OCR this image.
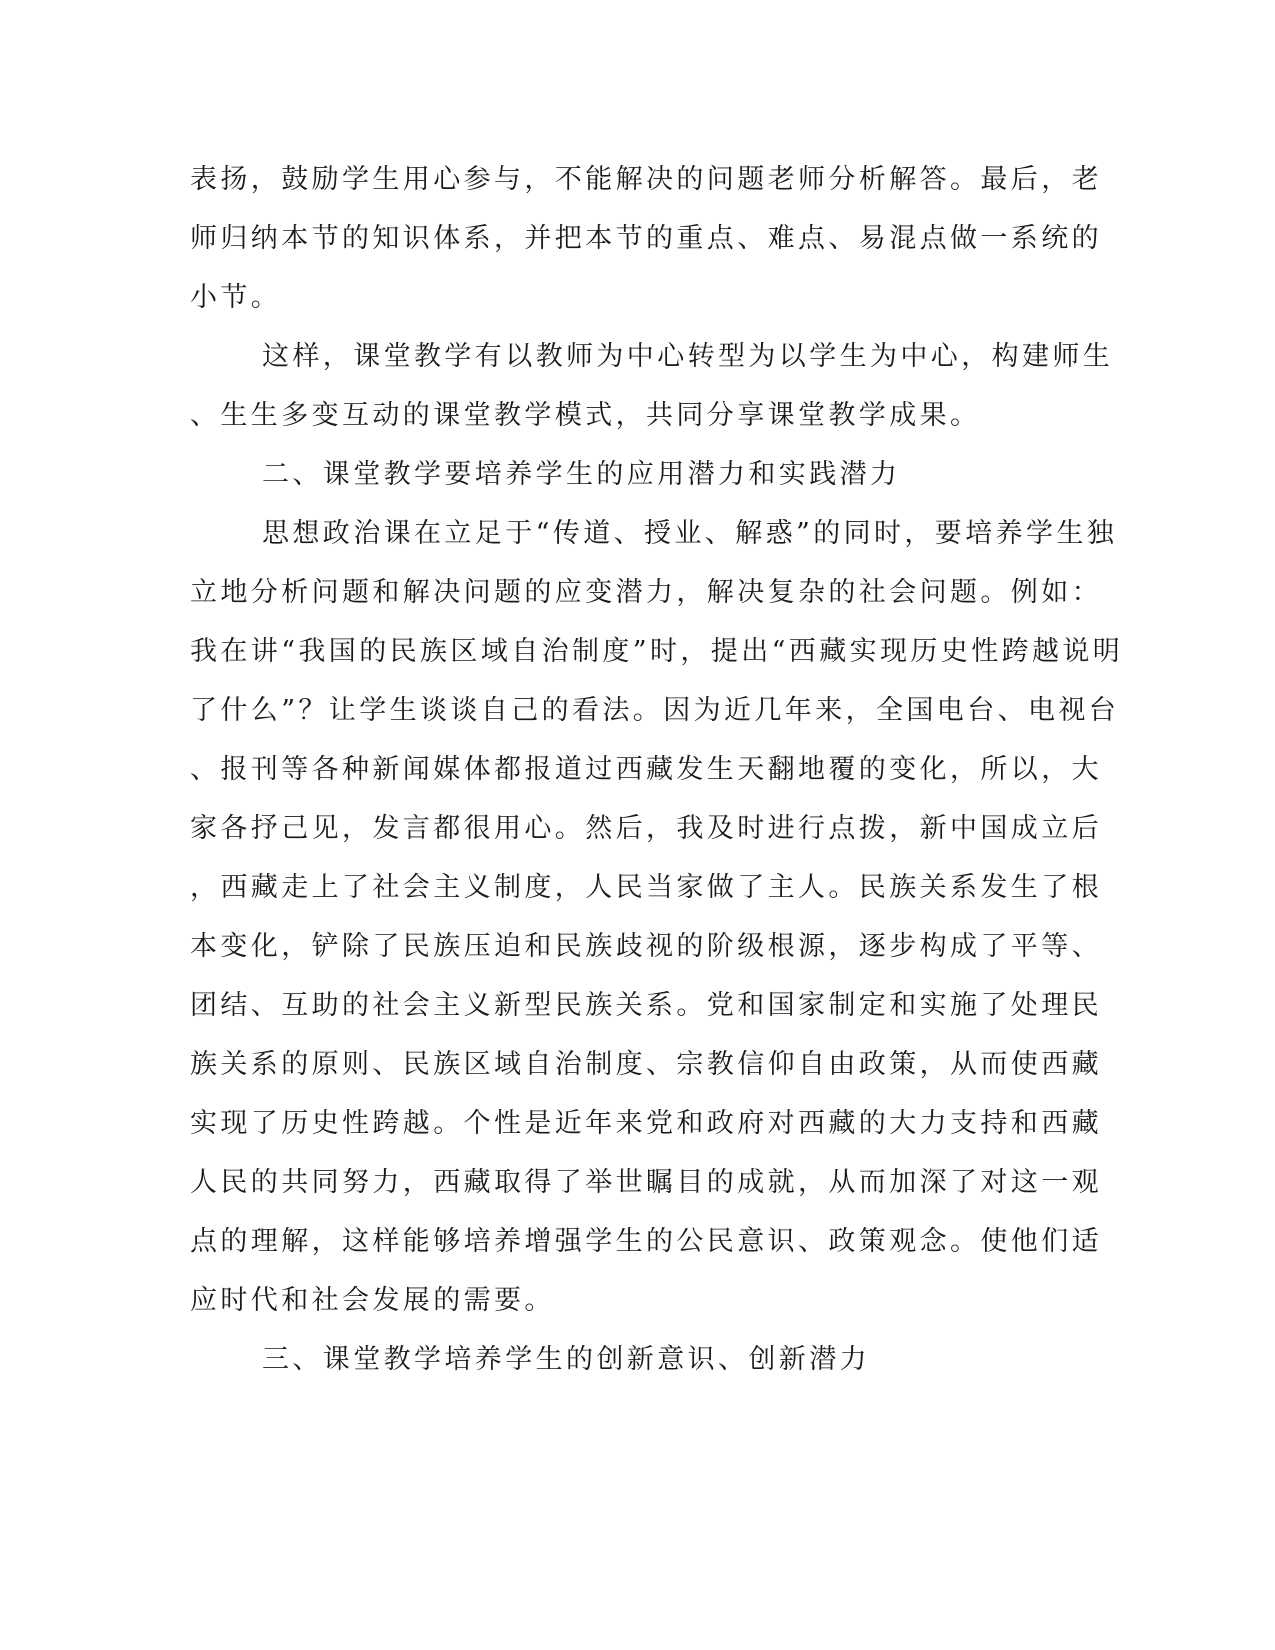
表扬，鼓励学生用心参与，不能解决的问题老师分析解答。最后，老
师归纳本节的知识体系，并把本节的重点、难点、易混点做一系统的
小节。
这样，课堂教学有以教师为中心转型为以学生为中心，构建师生
、生生多变互动的课堂教学模式，共同分享课堂教学成果。
二、课堂教学要培养学生的应用潜力和实践潜力
思想政治课在立足于“传道、授业、解惑”的同时，要培养学生独
立地分析问题和解决问题的应变潜力，解决复杂的社会问题。例如：
我在讲“我国的民族区域自治制度”时，提出“西藏实现历史性跨越说明
了什么”？让学生谈谈自己的看法。因为近几年来，全国电台、电视台
、报刊等各种新闻媒体都报道过西藏发生天翻地覆的变化，所以，大
家各抒己见，发言都很用心。然后，我及时进行点拨，新中国成立后
，西藏走上了社会主义制度，人民当家做了主人。民族关系发生了根
本变化，铲除了民族压迫和民族歧视的阶级根源，逐步构成了平等、
团结、互助的社会主义新型民族关系。党和国家制定和实施了处理民
族关系的原则、民族区域自治制度、宗教信仰自由政策，从而使西藏
实现了历史性跨越。个性是近年来党和政府对西藏的大力支持和西藏
人民的共同努力，西藏取得了举世瞩目的成就，从而加深了对这一观
点的理解，这样能够培养增强学生的公民意识、政策观念。使他们适
应时代和社会发展的需要。
三、课堂教学培养学生的创新意识、创新潜力
